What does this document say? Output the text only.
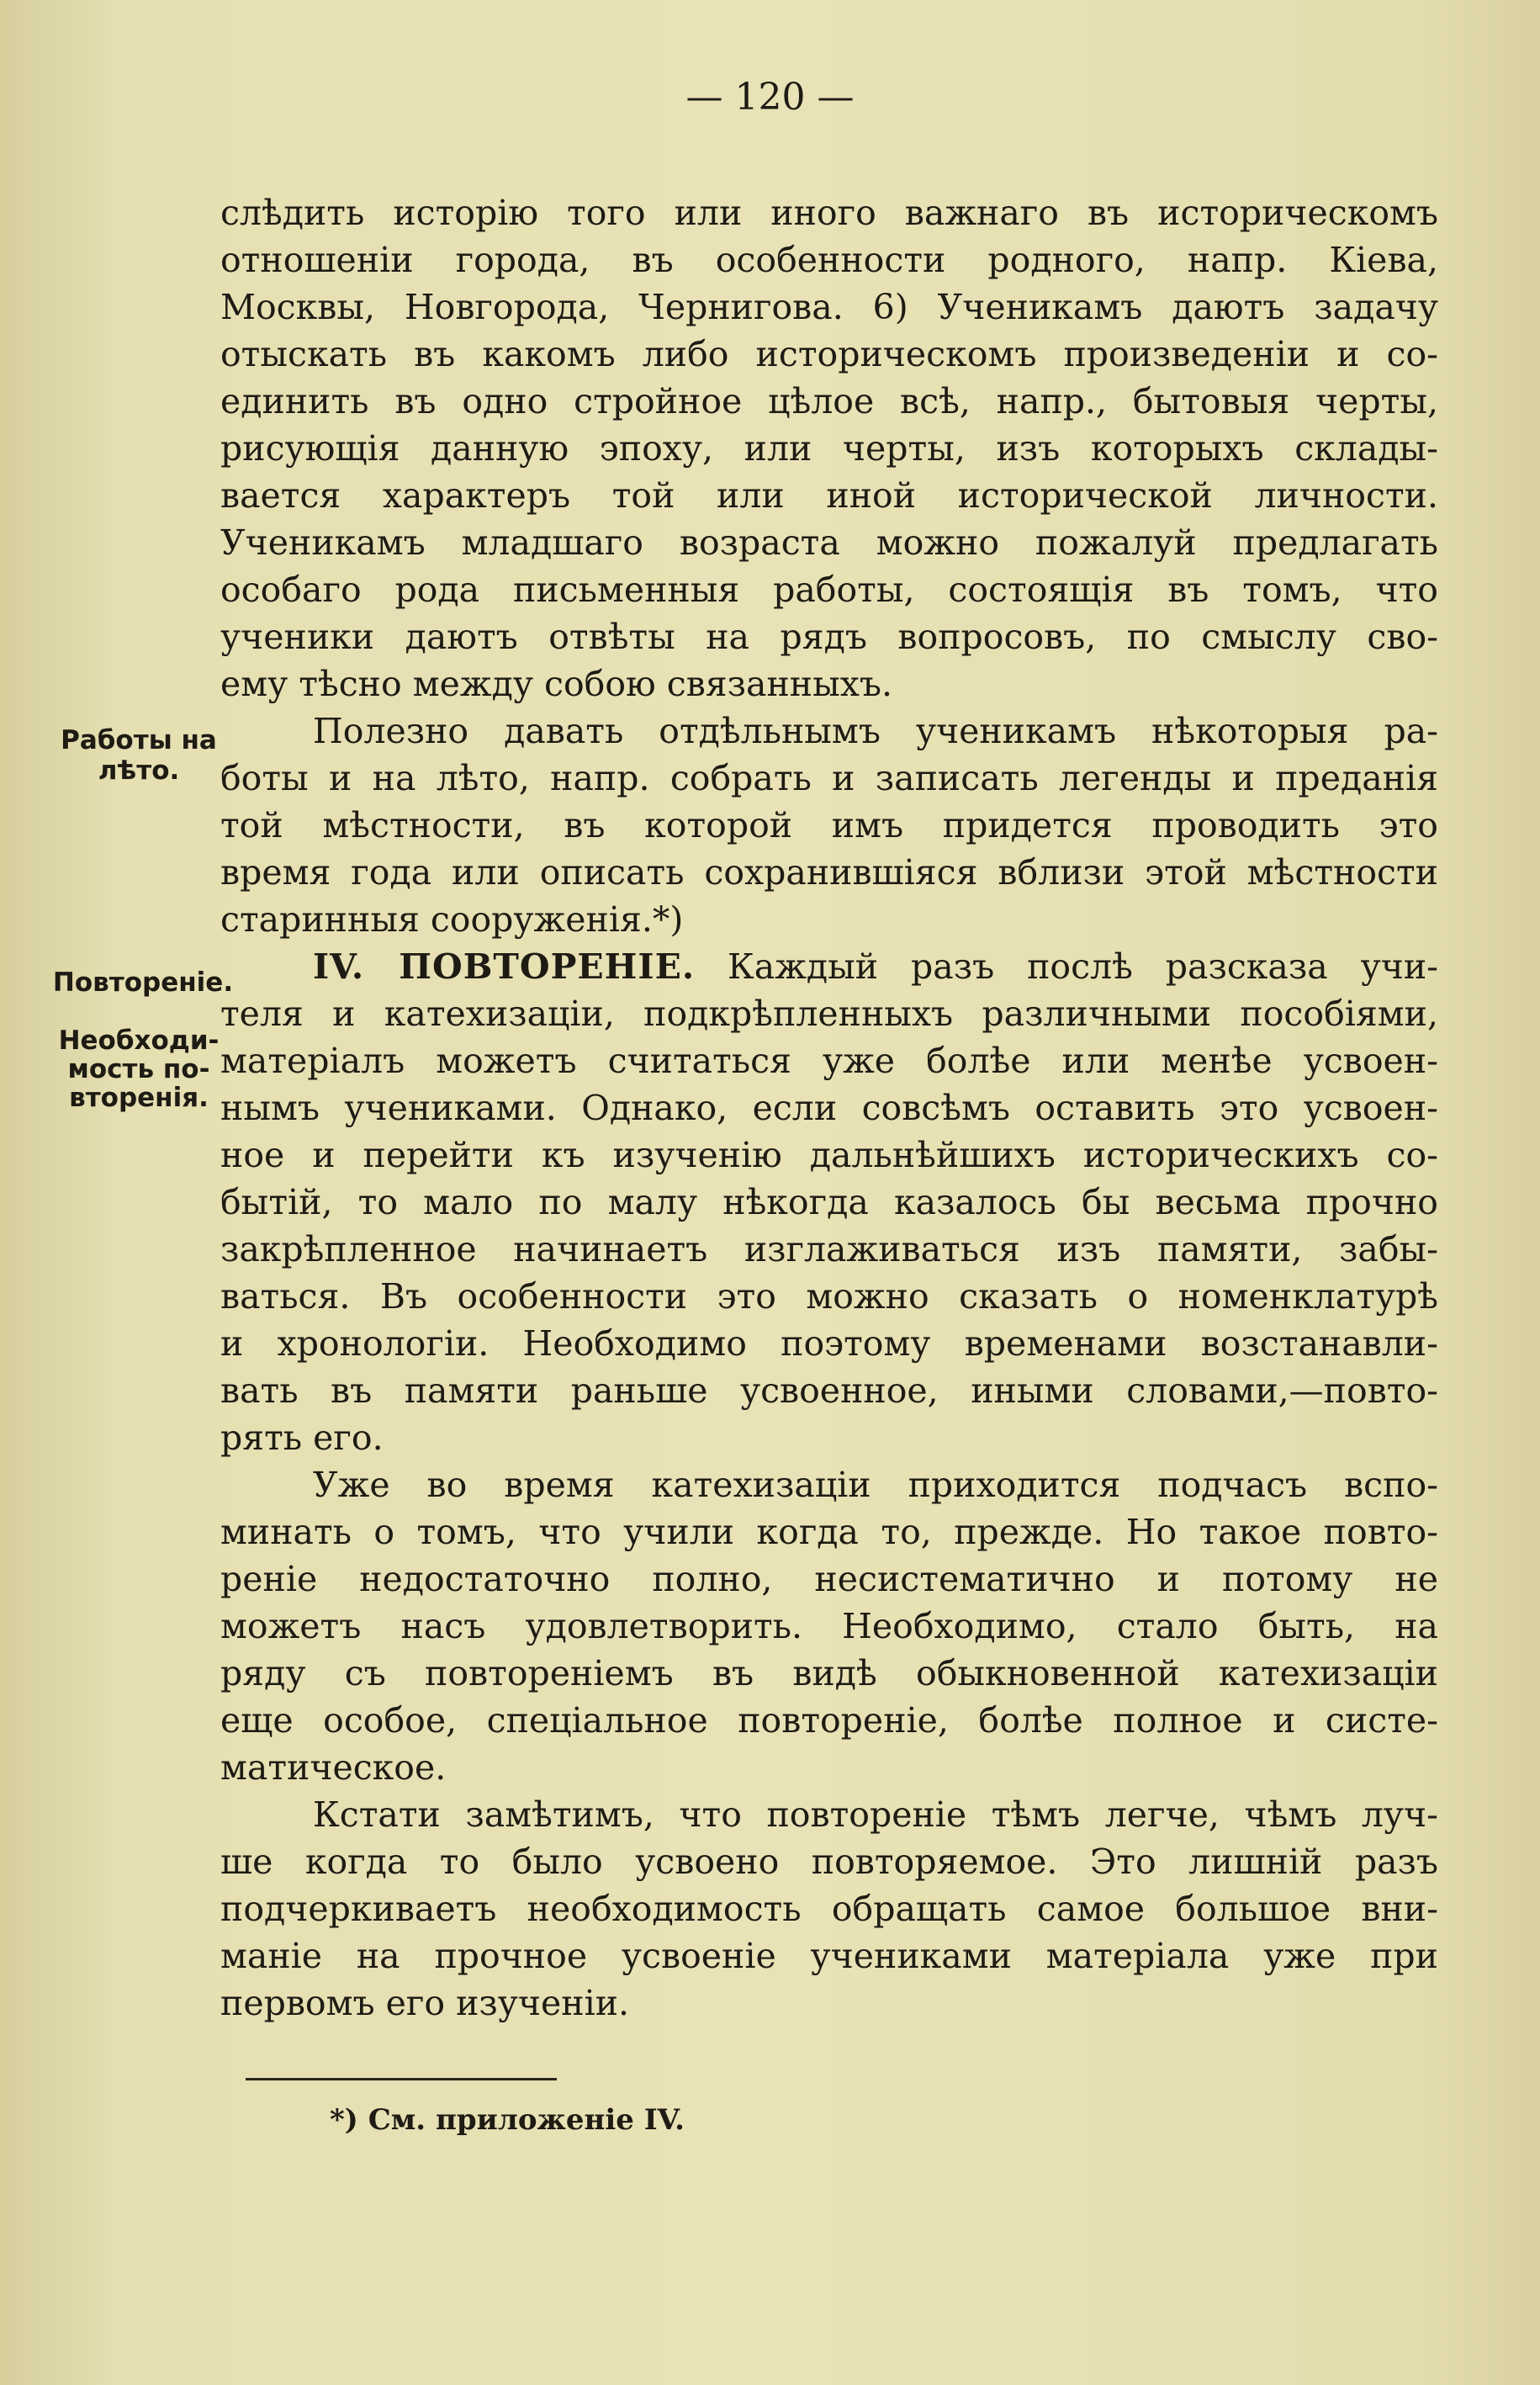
— 120 —
Работы на
лѣто.
Повтореніе.
Необходи-
мость по-
вторенія.
слѣдить исторію того или иного важнаго въ историческомъ
отношеніи города, въ особенности родного, напр. Кіева,
Москвы, Новгорода, Чернигова. 6) Ученикамъ даютъ задачу
отыскать въ какомъ либо историческомъ произведеніи и со-
единить въ одно стройное цѣлое всѣ, напр., бытовыя черты,
рисующія данную эпоху, или черты, изъ которыхъ склады-
вается характеръ той или иной исторической личности.
Ученикамъ младшаго возраста можно пожалуй предлагать
особаго рода письменныя работы, состоящія въ томъ, что
ученики даютъ отвѣты на рядъ вопросовъ, по смыслу сво-
ему тѣсно между собою связанныхъ.
Полезно давать отдѣльнымъ ученикамъ нѣкоторыя ра-
боты и на лѣто, напр. собрать и записать легенды и преданія
той мѣстности, въ которой имъ придется проводить это
время года или описать сохранившіяся вблизи этой мѣстности
старинныя сооруженія.*)
IV. ПОВТОРЕНІЕ. Каждый разъ послѣ разсказа учи-
теля и катехизаціи, подкрѣпленныхъ различными пособіями,
матеріалъ можетъ считаться уже болѣе или менѣе усвоен-
нымъ учениками. Однако, если совсѣмъ оставить это усвоен-
ное и перейти къ изученію дальнѣйшихъ историческихъ со-
бытій, то мало по малу нѣкогда казалось бы весьма прочно
закрѣпленное начинаетъ изглаживаться изъ памяти, забы-
ваться. Въ особенности это можно сказать о номенклатурѣ
и хронологіи. Необходимо поэтому временами возстанавли-
вать въ памяти раньше усвоенное, иными словами,—повто-
рять его.
Уже во время катехизаціи приходится подчасъ вспо-
минать о томъ, что учили когда то, прежде. Но такое повто-
реніе недостаточно полно, несистематично и потому не
можетъ насъ удовлетворить. Необходимо, стало быть, на
ряду съ повтореніемъ въ видѣ обыкновенной катехизаціи
еще особое, спеціальное повтореніе, болѣе полное и систе-
матическое.
Кстати замѣтимъ, что повтореніе тѣмъ легче, чѣмъ луч-
ше когда то было усвоено повторяемое. Это лишній разъ
подчеркиваетъ необходимость обращать самое большое вни-
маніе на прочное усвоеніе учениками матеріала уже при
первомъ его изученіи.
*) См. приложеніе IV.
